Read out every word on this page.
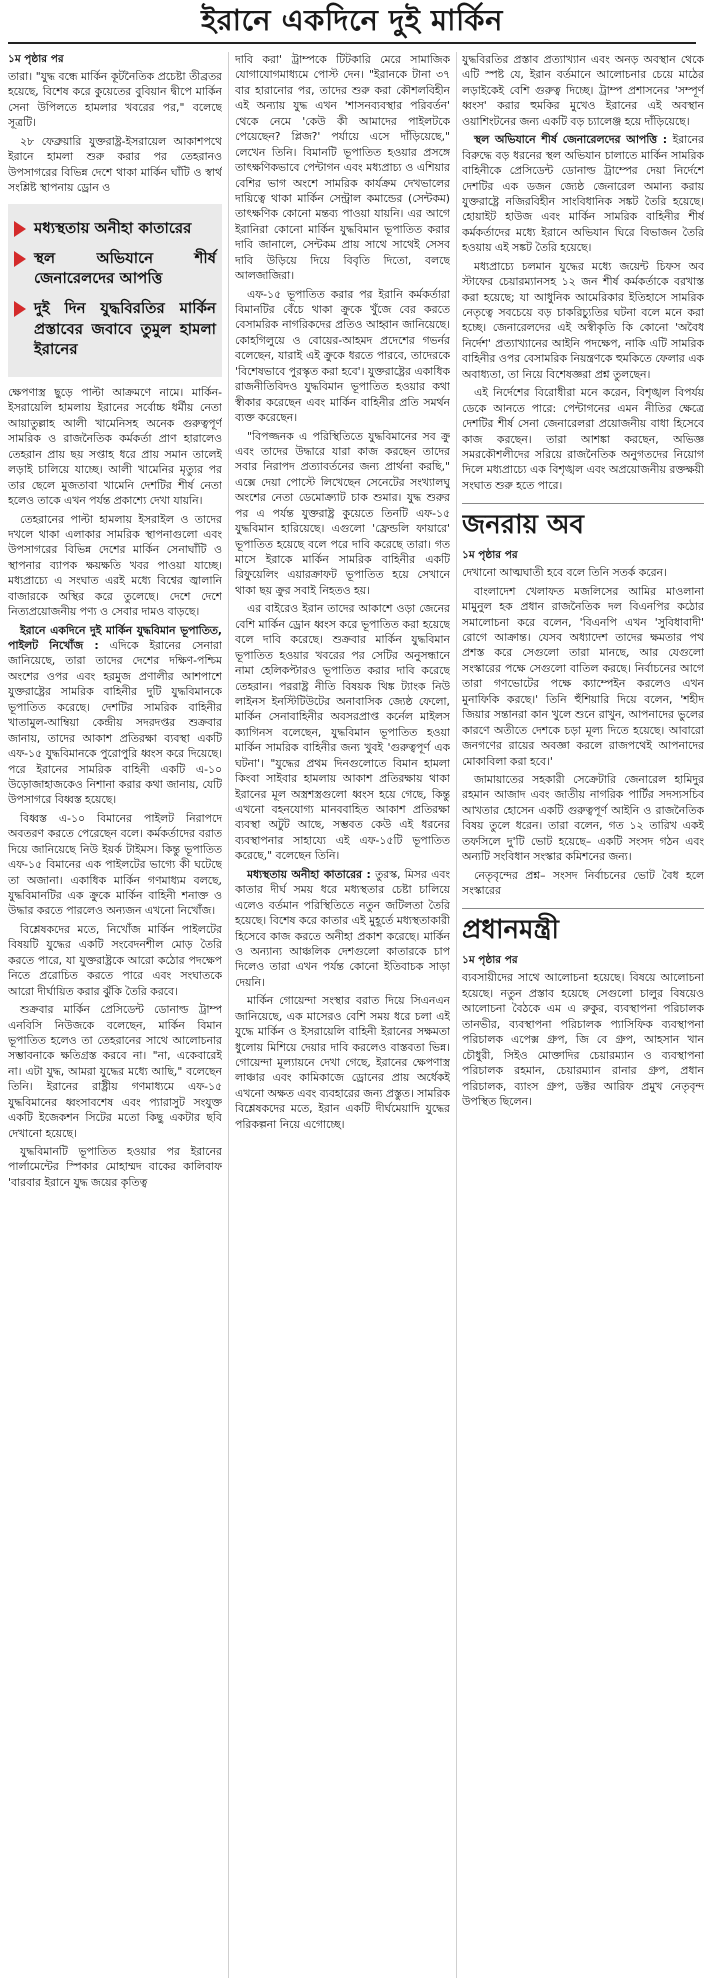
ইরানে একদিনে দুই মার্কিন
১ম পৃষ্ঠার পর

তারা। "যুদ্ধ বন্ধে মার্কিন কূটনৈতিক প্রচেষ্টা তীব্রতর হয়েছে, বিশেষ করে কুয়েতের বুবিয়ান দ্বীপে মার্কিন সেনা উপিলতে হামলার খবরের পর," বলেছে সূত্রটি।

২৮ ফেব্রুয়ারি যুক্তরাষ্ট্র-ইসরায়েল আকাশপথে ইরানে হামলা শুরু করার পর তেহরানও উপসাগরের বিভিন্ন দেশে থাকা মার্কিন ঘাঁটি ও স্বার্থ সংশ্লিষ্ট স্থাপনায় ড্রোন ও

মধ্যস্থতায় অনীহা কাতারের
স্থল অভিযানে শীর্ষ জেনারেলদের আপত্তি
দুই দিন যুদ্ধবিরতির মার্কিন প্রস্তাবের জবাবে তুমুল হামলা ইরানের

ক্ষেপণাস্ত্র ছুড়ে পাল্টা আক্রমণে নামে। মার্কিন-ইসরায়েলি হামলায় ইরানের সর্বোচ্চ ধর্মীয় নেতা আয়াতুল্লাহ আলী খামেনিসহ অনেক গুরুত্বপূর্ণ সামরিক ও রাজনৈতিক কর্মকর্তা প্রাণ হারালেও তেহরান প্রায় ছয় সপ্তাহ ধরে প্রায় সমান তালেই লড়াই চালিয়ে যাচ্ছে। আলী খামেনির মৃত্যুর পর তার ছেলে মুজতাবা খামেনি দেশটির শীর্ষ নেতা হলেও তাকে এখন পর্যন্ত প্রকাশ্যে দেখা যায়নি।

তেহরানের পাল্টা হামলায় ইসরাইল ও তাদের দখলে থাকা এলাকার সামরিক স্থাপনাগুলো এবং উপসাগরের বিভিন্ন দেশের মার্কিন সেনাঘাঁটি ও স্থাপনার ব্যাপক ক্ষয়ক্ষতি খবর পাওয়া যাচ্ছে। মধ্যপ্রাচ্যে এ সংঘাত এরই মধ্যে বিশ্বের জ্বালানি বাজারকে অস্থির করে তুলেছে। দেশে দেশে নিত্যপ্রয়োজনীয় পণ্য ও সেবার দামও বাড়ছে।

ইরানে একদিনে দুই মার্কিন যুদ্ধবিমান ভূপাতিত, পাইলট নিখোঁজ : এদিকে ইরানের সেনারা জানিয়েছে, তারা তাদের দেশের দক্ষিণ-পশ্চিম অংশের ওপর এবং হরমুজ প্রণালীর আশপাশে যুক্তরাষ্ট্রের সামরিক বাহিনীর দুটি যুদ্ধবিমানকে ভূপাতিত করেছে। দেশটির সামরিক বাহিনীর খাতামুল-আম্বিয়া কেন্দ্রীয় সদরদপ্তর শুক্রবার জানায়, তাদের আকাশ প্রতিরক্ষা ব্যবস্থা একটি এফ-১৫ যুদ্ধবিমানকে পুরোপুরি ধ্বংস করে দিয়েছে। পরে ইরানের সামরিক বাহিনী একটি এ-১০ উড়োজাহাজকেও নিশানা করার কথা জানায়, যেটি উপসাগরে বিধ্বস্ত হয়েছে।

বিধ্বস্ত এ-১০ বিমানের পাইলট নিরাপদে অবতরণ করতে পেরেছেন বলে। কর্মকর্তাদের বরাত দিয়ে জানিয়েছে নিউ ইয়র্ক টাইমস। কিন্তু ভূপাতিত এফ-১৫ বিমানের এক পাইলটের ভাগ্যে কী ঘটেছে তা অজানা। একাধিক মার্কিন গণমাধ্যম বলছে, যুদ্ধবিমানটির এক ক্রুকে মার্কিন বাহিনী শনাক্ত ও উদ্ধার করতে পারলেও অন্যজন এখনো নিখোঁজ।

বিশ্লেষকদের মতে, নিখোঁজ মার্কিন পাইলটের বিষয়টি যুদ্ধের একটি সংবেদনশীল মোড় তৈরি করতে পারে, যা যুক্তরাষ্ট্রকে আরো কঠোর পদক্ষেপ নিতে প্ররোচিত করতে পারে এবং সংঘাতকে আরো দীর্ঘায়িত করার ঝুঁকি তৈরি করবে।

শুক্রবার মার্কিন প্রেসিডেন্ট ডোনাল্ড ট্রাম্প এনবিসি নিউজকে বলেছেন, মার্কিন বিমান ভূপাতিত হলেও তা তেহরানের সাথে আলোচনার সম্ভাবনাকে ক্ষতিগ্রস্ত করবে না। "না, একেবারেই না। এটা যুদ্ধ, আমরা যুদ্ধের মধ্যে আছি," বলেছেন তিনি। ইরানের রাষ্ট্রীয় গণমাধ্যমে এফ-১৫ যুদ্ধবিমানের ধ্বংসাবশেষ এবং প্যারাসুট সংযুক্ত একটি ইজেকশন সিটের মতো কিছু একটার ছবি দেখানো হয়েছে।

যুদ্ধবিমানটি ভূপাতিত হওয়ার পর ইরানের পার্লামেন্টের স্পিকার মোহাম্মদ বাকের কালিবাফ 'বারবার ইরানে যুদ্ধ জয়ের কৃতিত্ব

দাবি করা' ট্রাম্পকে টিটকারি মেরে সামাজিক যোগাযোগমাধ্যমে পোস্ট দেন। "ইরানকে টানা ৩৭ বার হারানোর পর, তাদের শুরু করা কৌশলবিহীন এই অন্যায় যুদ্ধ এখন 'শাসনব্যবস্থার পরিবর্তন' থেকে নেমে 'কেউ কী আমাদের পাইলটকে পেয়েছেন? প্লিজ?' পর্যায়ে এসে দাঁড়িয়েছে," লেখেন তিনি। বিমানটি ভূপাতিত হওয়ার প্রসঙ্গে তাৎক্ষণিকভাবে পেন্টাগন এবং মধ্যপ্রাচ্য ও এশিয়ার বেশির ভাগ অংশে সামরিক কার্যক্রম দেখভালের দায়িত্বে থাকা মার্কিন সেন্ট্রাল কমান্ডের (সেন্টকম) তাৎক্ষণিক কোনো মন্তব্য পাওয়া যায়নি। এর আগে ইরানিরা কোনো মার্কিন যুদ্ধবিমান ভূপাতিত করার দাবি জানালে, সেন্টকম প্রায় সাথে সাথেই সেসব দাবি উড়িয়ে দিয়ে বিবৃতি দিতো, বলছে আলজাজিরা।

এফ-১৫ ভূপাতিত করার পর ইরানি কর্মকর্তারা বিমানটির বেঁচে থাকা ক্রুকে খুঁজে বের করতে বেসামরিক নাগরিকদের প্রতিও আহ্বান জানিয়েছে। কোহগিলুয়ে ও বোয়ের-আহমদ প্রদেশের গভর্নর বলেছেন, যারাই এই ক্রুকে ধরতে পারবে, তাদেরকে 'বিশেষভাবে পুরস্কৃত করা হবে'। যুক্তরাষ্ট্রের একাধিক রাজনীতিবিদও যুদ্ধবিমান ভূপাতিত হওয়ার কথা স্বীকার করেছেন এবং মার্কিন বাহিনীর প্রতি সমর্থন ব্যক্ত করেছেন।

"বিপজ্জনক এ পরিস্থিতিতে যুদ্ধবিমানের সব ক্রু এবং তাদের উদ্ধারে যারা কাজ করছেন তাদের সবার নিরাপদ প্রত্যাবর্তনের জন্য প্রার্থনা করছি," এক্সে দেয়া পোস্টে লিখেছেন সেনেটের সংখ্যালঘু অংশের নেতা ডেমোক্র্যাট চাক শুমার। যুদ্ধ শুরুর পর এ পর্যন্ত যুক্তরাষ্ট্র কুয়েতে তিনটি এফ-১৫ যুদ্ধবিমান হারিয়েছে। এগুলো 'ফ্রেন্ডলি ফায়ারে' ভূপাতিত হয়েছে বলে পরে দাবি করেছে তারা। গত মাসে ইরাকে মার্কিন সামরিক বাহিনীর একটি রিফুয়েলিং এয়ারক্রাফট ভূপাতিত হয়ে সেখানে থাকা ছয় ক্রুর সবাই নিহতও হয়।

এর বাইরেও ইরান তাদের আকাশে ওড়া জেনের বেশি মার্কিন ড্রোন ধ্বংস করে ভূপাতিত করা হয়েছে বলে দাবি করেছে। শুক্রবার মার্কিন যুদ্ধবিমান ভূপাতিত হওয়ার খবরের পর সেটির অনুসন্ধানে নামা হেলিকপ্টারও ভূপাতিত করার দাবি করেছে তেহরান। পররাষ্ট্র নীতি বিষয়ক থিঙ্ক ট্যাংক নিউ লাইনস ইনস্টিটিউটের অনাবাসিক জ্যেষ্ঠ ফেলো, মার্কিন সেনাবাহিনীর অবসরপ্রাপ্ত কর্নেল মাইলস ক্যাগিনস বলেছেন, যুদ্ধবিমান ভূপাতিত হওয়া মার্কিন সামরিক বাহিনীর জন্য খুবই 'গুরুত্বপূর্ণ এক ঘটনা'। "যুদ্ধের প্রথম দিনগুলোতে বিমান হামলা কিংবা সাইবার হামলায় আকাশ প্রতিরক্ষায় থাকা ইরানের মূল অস্ত্রশস্ত্রগুলো ধ্বংস হয়ে গেছে, কিন্তু এখনো বহনযোগ্য মানববাহিত আকাশ প্রতিরক্ষা ব্যবস্থা অটুট আছে, সম্ভবত কেউ এই ধরনের ব্যবস্থাপনার সাহায্যে এই এফ-১৫টি ভূপাতিত করেছে," বলেছেন তিনি।

মধ্যস্থতায় অনীহা কাতারের : তুরস্ক, মিসর এবং কাতার দীর্ঘ সময় ধরে মধ্যস্থতার চেষ্টা চালিয়ে এলেও বর্তমান পরিস্থিতিতে নতুন জটিলতা তৈরি হয়েছে। বিশেষ করে কাতার এই মুহূর্তে মধ্যস্থতাকারী হিসেবে কাজ করতে অনীহা প্রকাশ করেছে। মার্কিন ও অন্যান্য আঞ্চলিক দেশগুলো কাতারকে চাপ দিলেও তারা এখন পর্যন্ত কোনো ইতিবাচক সাড়া দেয়নি।

মার্কিন গোয়েন্দা সংস্থার বরাত দিয়ে সিএনএন জানিয়েছে, এক মাসেরও বেশি সময় ধরে চলা এই যুদ্ধে মার্কিন ও ইসরায়েলি বাহিনী ইরানের সক্ষমতা ধুলোয় মিশিয়ে দেয়ার দাবি করলেও বাস্তবতা ভিন্ন। গোয়েন্দা মূল্যায়নে দেখা গেছে, ইরানের ক্ষেপণাস্ত্র লাঞ্চার এবং কামিকাজে ড্রোনের প্রায় অর্ধেকই এখনো অক্ষত এবং ব্যবহারের জন্য প্রস্তুত। সামরিক বিশ্লেষকদের মতে, ইরান একটি দীর্ঘমেয়াদি যুদ্ধের পরিকল্পনা নিয়ে এগোচ্ছে।

যুদ্ধবিরতির প্রস্তাব প্রত্যাখ্যান এবং অনড় অবস্থান থেকে এটি স্পষ্ট যে, ইরান বর্তমানে আলোচনার চেয়ে মাঠের লড়াইকেই বেশি গুরুত্ব দিচ্ছে। ট্রাম্প প্রশাসনের 'সম্পূর্ণ ধ্বংস' করার হুমকির মুখেও ইরানের এই অবস্থান ওয়াশিংটনের জন্য একটি বড় চ্যালেঞ্জ হয়ে দাঁড়িয়েছে।

স্থল অভিযানে শীর্ষ জেনারেলদের আপত্তি : ইরানের বিরুদ্ধে বড় ধরনের স্থল অভিযান চালাতে মার্কিন সামরিক বাহিনীকে প্রেসিডেন্ট ডোনাল্ড ট্রাম্পের দেয়া নির্দেশে দেশটির এক ডজন জ্যেষ্ঠ জেনারেল অমান্য করায় যুক্তরাষ্ট্রে নজিরবিহীন সাংবিধানিক সঙ্কট তৈরি হয়েছে। হোয়াইট হাউজ এবং মার্কিন সামরিক বাহিনীর শীর্ষ কর্মকর্তাদের মধ্যে ইরানে অভিযান ঘিরে বিভাজন তৈরি হওয়ায় এই সঙ্কট তৈরি হয়েছে।

মধ্যপ্রাচ্যে চলমান যুদ্ধের মধ্যে জয়েন্ট চিফস অব স্টাফের চেয়ারম্যানসহ ১২ জন শীর্ষ কর্মকর্তাকে বরখাস্ত করা হয়েছে; যা আধুনিক আমেরিকার ইতিহাসে সামরিক নেতৃত্বে সবচেয়ে বড় চাকরিচ্যুতির ঘটনা বলে মনে করা হচ্ছে। জেনারেলদের এই অস্বীকৃতি কি কোনো 'অবৈধ নির্দেশ' প্রত্যাখ্যানের আইনি পদক্ষেপ, নাকি এটি সামরিক বাহিনীর ওপর বেসামরিক নিয়ন্ত্রণকে হুমকিতে ফেলার এক অবাধ্যতা, তা নিয়ে বিশেষজ্ঞরা প্রশ্ন তুলছেন।

এই নির্দেশের বিরোধীরা মনে করেন, বিশৃঙ্খল বিপর্যয় ডেকে আনতে পারে: পেন্টাগনের এমন নীতির ক্ষেত্রে দেশটির শীর্ষ সেনা জেনারেলরা প্রয়োজনীয় বাধা হিসেবে কাজ করছেন। তারা আশঙ্কা করছেন, অভিজ্ঞ সমরকৌশলীদের সরিয়ে রাজনৈতিক অনুগতদের নিয়োগ দিলে মধ্যপ্রাচ্যে এক বিশৃঙ্খল এবং অপ্রয়োজনীয় রক্তক্ষয়ী সংঘাত শুরু হতে পারে।

জনরায় অব
১ম পৃষ্ঠার পর

দেখানো আত্মঘাতী হবে বলে তিনি সতর্ক করেন।

বাংলাদেশ খেলাফত মজলিসের আমির মাওলানা মামুনুল হক প্রধান রাজনৈতিক দল বিএনপির কঠোর সমালোচনা করে বলেন, 'বিএনপি এখন 'সুবিধাবাদী' রোগে আক্রান্ত। যেসব অধ্যাদেশ তাদের ক্ষমতার পথ প্রশস্ত করে সেগুলো তারা মানছে, আর যেগুলো সংস্কারের পক্ষে সেগুলো বাতিল করছে। নির্বাচনের আগে তারা গণভোটের পক্ষে ক্যাম্পেইন করলেও এখন মুনাফিকি করছে।' তিনি হুঁশিয়ারি দিয়ে বলেন, 'শহীদ জিয়ার সন্তানরা কান খুলে শুনে রাখুন, আপনাদের ভুলের কারণে অতীতে দেশকে চড়া মূল্য দিতে হয়েছে। আবারো জনগণের রায়ের অবজ্ঞা করলে রাজপথেই আপনাদের মোকাবিলা করা হবে।'

জামায়াতের সহকারী সেক্রেটারি জেনারেল হামিদুর রহমান আজাদ এবং জাতীয় নাগরিক পার্টির সদস্যসচিব আখতার হোসেন একটি গুরুত্বপূর্ণ আইনি ও রাজনৈতিক বিষয় তুলে ধরেন। তারা বলেন, গত ১২ তারিখ একই তফসিলে দু'টি ভোট হয়েছে– একটি সংসদ গঠন এবং অন্যটি সংবিধান সংস্কার কমিশনের জন্য।

নেতৃবৃন্দের প্রশ্ন– সংসদ নির্বাচনের ভোট বৈধ হলে সংস্কারের

প্রধানমন্ত্রী
১ম পৃষ্ঠার পর

ব্যবসায়ীদের সাথে আলোচনা হয়েছে। বিষয়ে আলোচনা হয়েছে। নতুন প্রস্তাব হয়েছে সেগুলো চালুর বিষয়েও আলোচনা বৈঠকে এম এ রুকুর, ব্যবস্থাপনা পরিচালক তানভীর, ব্যবস্থাপনা পরিচালক প্যাসিফিক ব্যবস্থাপনা পরিচালক এপেক্স গ্রুপ, জি বে গ্রুপ, আহসান খান চৌধুরী, সিইও মোক্তাদির চেয়ারম্যান ও ব্যবস্থাপনা পরিচালক রহমান, চেয়ারম্যান রানার গ্রুপ, প্রধান পরিচালক, ব্যাংস গ্রুপ, ডক্টর আরিফ প্রমুখ নেতৃবৃন্দ উপস্থিত ছিলেন।
